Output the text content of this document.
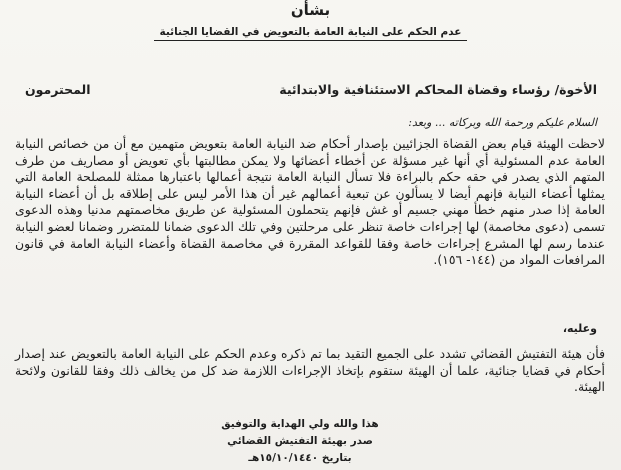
بشأن
عدم الحكم على النيابة العامة بالتعويض في القضايا الجنائية
الأخوة/ رؤساء وقضاة المحاكم الاستئنافية والابتدائية
المحترمون
السلام عليكم ورحمة الله وبركاته ... وبعد:
لاحظت الهيئة قيام بعض القضاة الجزائيين بإصدار أحكام ضد النيابة العامة بتعويض متهمين مع أن من خصائص النيابة العامة عدم المسئولية أي أنها غير مسؤلة عن أخطاء أعضائها ولا يمكن مطالبتها بأي تعويض أو مصاريف من طرف المتهم الذي يصدر في حقه حكم بالبراءة فلا تسأل النيابة العامة نتيجة أعمالها باعتبارها ممثلة للمصلحة العامة التي يمثلها أعضاء النيابة فإنهم أيضا لا يسألون عن تبعية أعمالهم غير أن هذا الأمر ليس على إطلاقه بل أن أعضاء النيابة العامة إذا صدر منهم خطأ مهني جسيم أو غش فإنهم يتحملون المسئولية عن طريق مخاصمتهم مدنيا وهذه الدعوى تسمى (دعوى مخاصمة) لها إجراءات خاصة تنظر على مرحلتين وفي تلك الدعوى ضمانا للمتضرر وضمانا لعضو النيابة عندما رسم لها المشرع إجراءات خاصة وفقا للقواعد المقررة في مخاصمة القضاة وأعضاء النيابة العامة في قانون المرافعات المواد من (١٤٤- ١٥٦).
وعليه،
فأن هيئة التفتيش القضائي تشدد على الجميع التقيد بما تم ذكره وعدم الحكم على النيابة العامة بالتعويض عند إصدار أحكام في قضايا جنائية، علما أن الهيئة ستقوم بإتخاذ الإجراءات اللازمة ضد كل من يخالف ذلك وفقا للقانون ولائحة الهيئة.
هذا والله ولي الهداية والتوفيق
صدر بهيئة التفتيش القضائي
بتاريخ ١٥/١٠/١٤٤٠هـ
